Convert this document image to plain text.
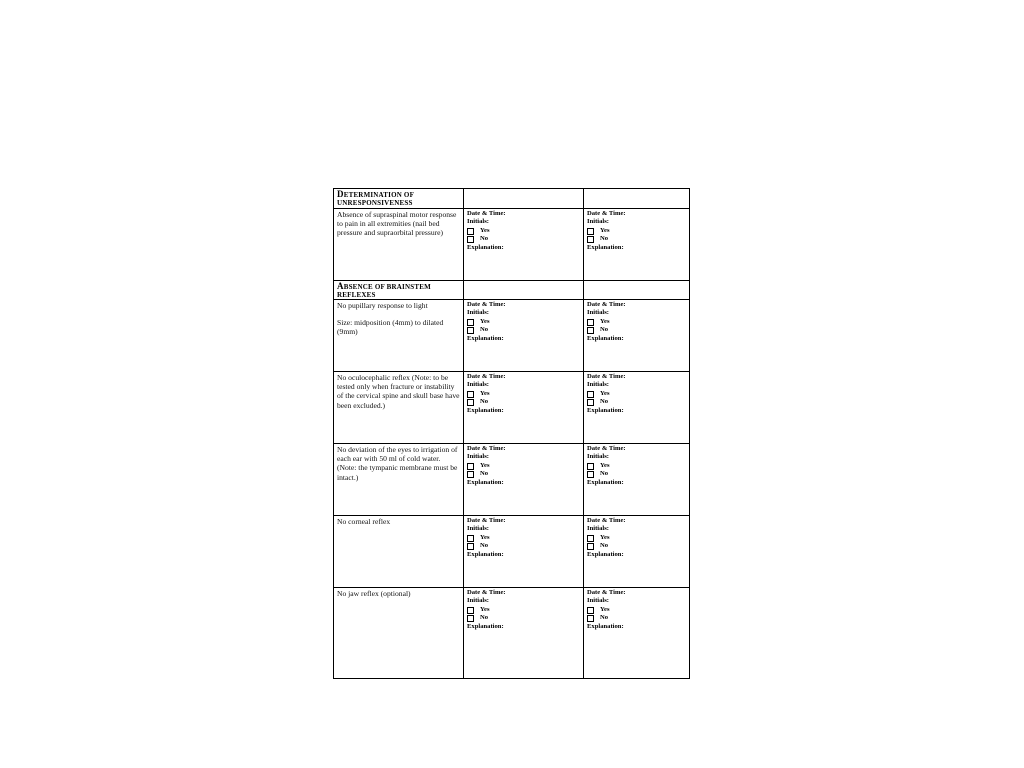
DETERMINATION OF UNRESPONSIVENESS

Absence of supraspinal motor response to pain in all extremities (nail bed pressure and supraorbital pressure)

Date & Time:
Initials:
Yes
No
Explanation:
Date & Time:
Initials:
Yes
No
Explanation:
ABSENCE OF BRAINSTEM REFLEXES

No pupillary response to light

Size: midposition (4mm) to dilated (9mm)

Date & Time:
Initials:
Yes
No
Explanation:
Date & Time:
Initials:
Yes
No
Explanation:

No oculocephalic reflex (Note: to be tested only when fracture or instability of the cervical spine and skull base have been excluded.)

Date & Time:
Initials:
Yes
No
Explanation:
Date & Time:
Initials:
Yes
No
Explanation:

No deviation of the eyes to irrigation of each ear with 50 ml of cold water. (Note: the tympanic membrane must be intact.)

Date & Time:
Initials:
Yes
No
Explanation:
Date & Time:
Initials:
Yes
No
Explanation:

No corneal reflex	Date & Time:
Initials:
Yes
No
Explanation:
Date & Time:
Initials:
Yes
No
Explanation:

No jaw reflex (optional)	Date & Time:
Initials:
Yes
No
Explanation:
Date & Time:
Initials:
Yes
No
Explanation:
